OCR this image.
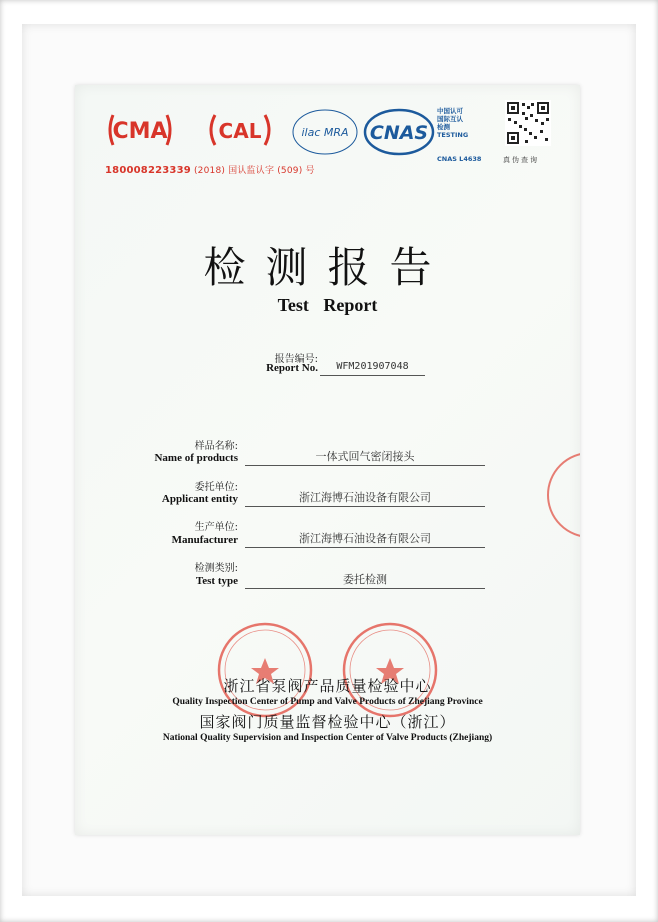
CMA	CAL
180008223339 (2018) 国认监认字 (509) 号
ilac MRA CNAS
中国认可
国际互认
检测
TESTING
CNAS L4638	真伪查询
检测报告
Test Report
报告编号:
Report No.	WFM201907048
样品名称:
Name of products	一体式回气密闭接头
委托单位:
Applicant entity	浙江海博石油设备有限公司
生产单位:
Manufacturer	浙江海博石油设备有限公司
检测类别:
Test type	委托检测
浙江省泵阀产品质量检验中心
Quality Inspection Center of Pump and Valve Products of Zhejiang Province
国家阀门质量监督检验中心（浙江）
National Quality Supervision and Inspection Center of Valve Products (Zhejiang)
